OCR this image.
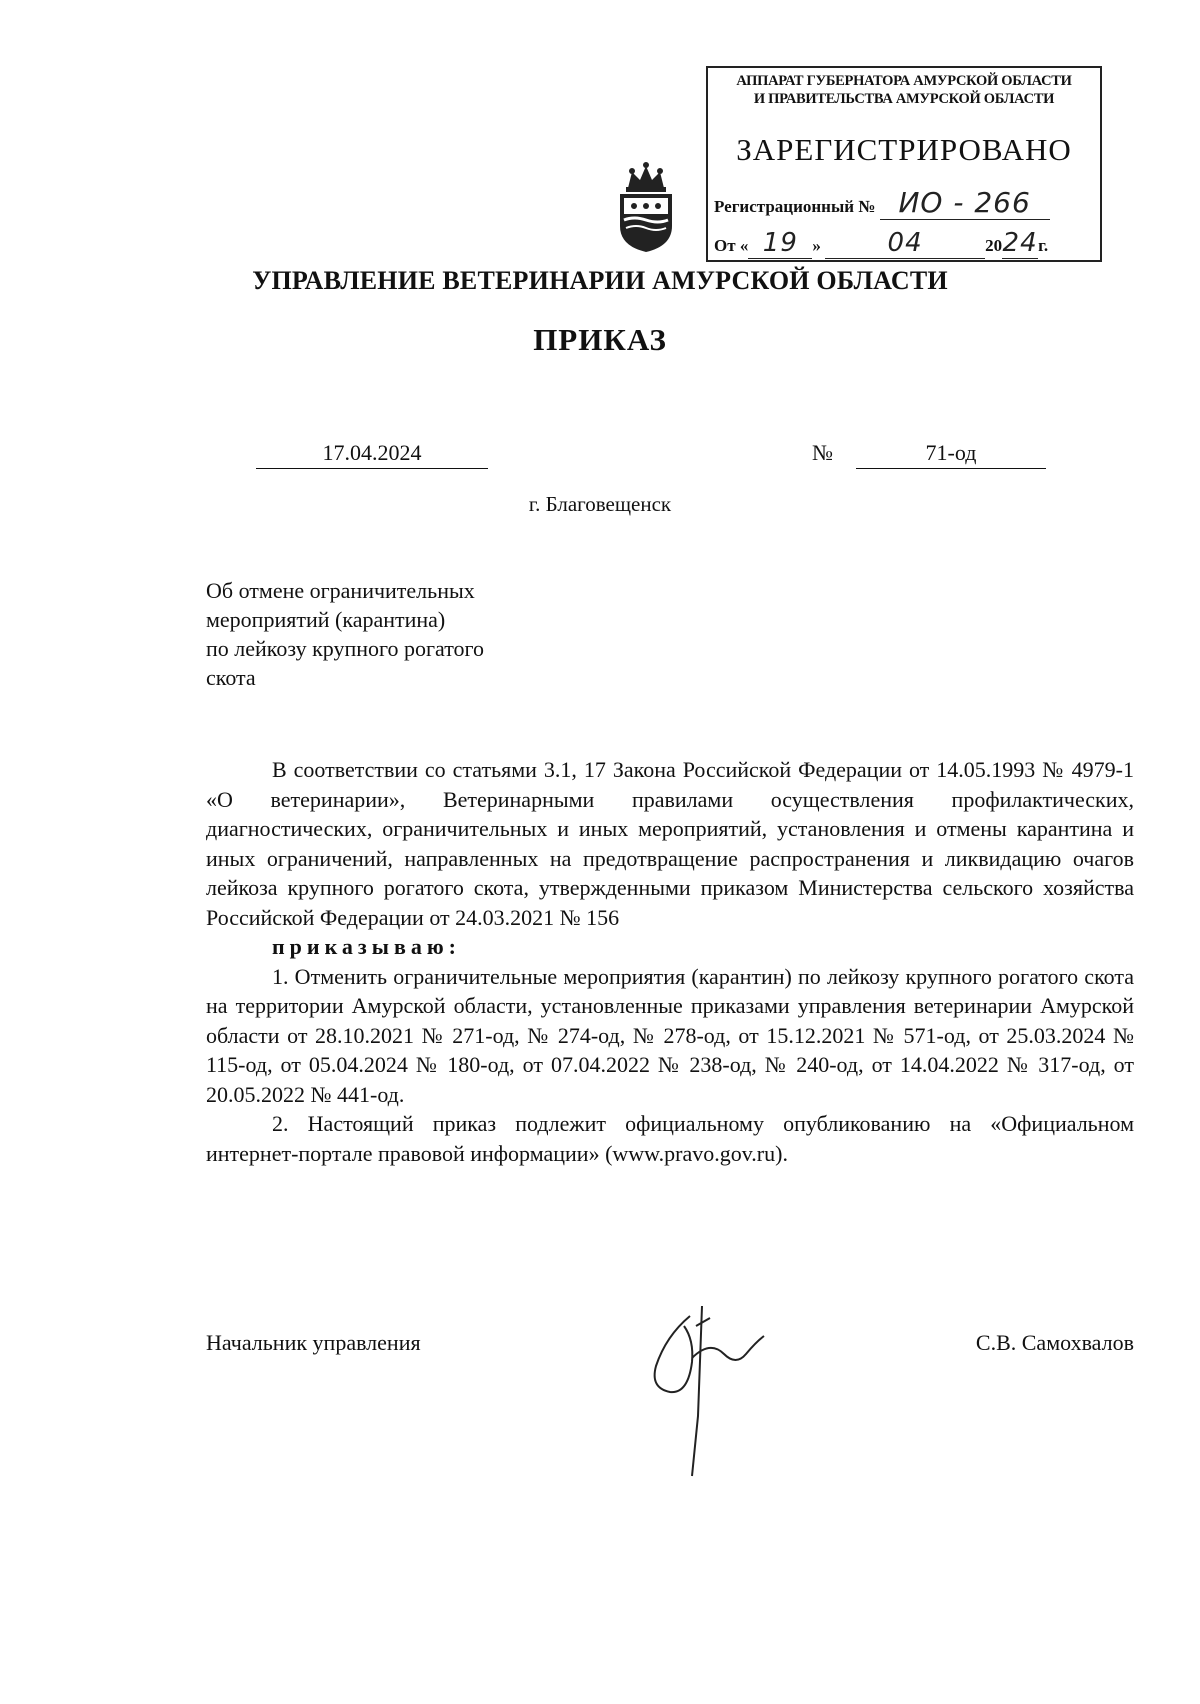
АППАРАТ ГУБЕРНАТОРА АМУРСКОЙ ОБЛАСТИ
И ПРАВИТЕЛЬСТВА АМУРСКОЙ ОБЛАСТИ
ЗАРЕГИСТРИРОВАНО
Регистрационный № ИО - 266
От « 19 »	04	2024г.
УПРАВЛЕНИЕ ВЕТЕРИНАРИИ АМУРСКОЙ ОБЛАСТИ
ПРИКАЗ
17.04.2024	№	71-од
г. Благовещенск
Об отмене ограничительных
мероприятий (карантина)
по лейкозу крупного рогатого
скота

В соответствии со статьями 3.1, 17 Закона Российской Федерации от 14.05.1993 № 4979-1 «О ветеринарии», Ветеринарными правилами осуществления профилактических, диагностических, ограничительных и иных мероприятий, установления и отмены карантина и иных ограничений, направленных на предотвращение распространения и ликвидацию очагов лейкоза крупного рогатого скота, утвержденными приказом Министерства сельского хозяйства Российской Федерации от 24.03.2021 № 156

приказываю:

1. Отменить ограничительные мероприятия (карантин) по лейкозу крупного рогатого скота на территории Амурской области, установленные приказами управления ветеринарии Амурской области от 28.10.2021 № 271-од, № 274-од, № 278-од, от 15.12.2021 № 571-од, от 25.03.2024 № 115-од, от 05.04.2024 № 180-од, от 07.04.2022 № 238-од, № 240-од, от 14.04.2022 № 317-од, от 20.05.2022 № 441-од.

2. Настоящий приказ подлежит официальному опубликованию на «Официальном интернет-портале правовой информации» (www.pravo.gov.ru).

Начальник управления	С.В. Самохвалов
